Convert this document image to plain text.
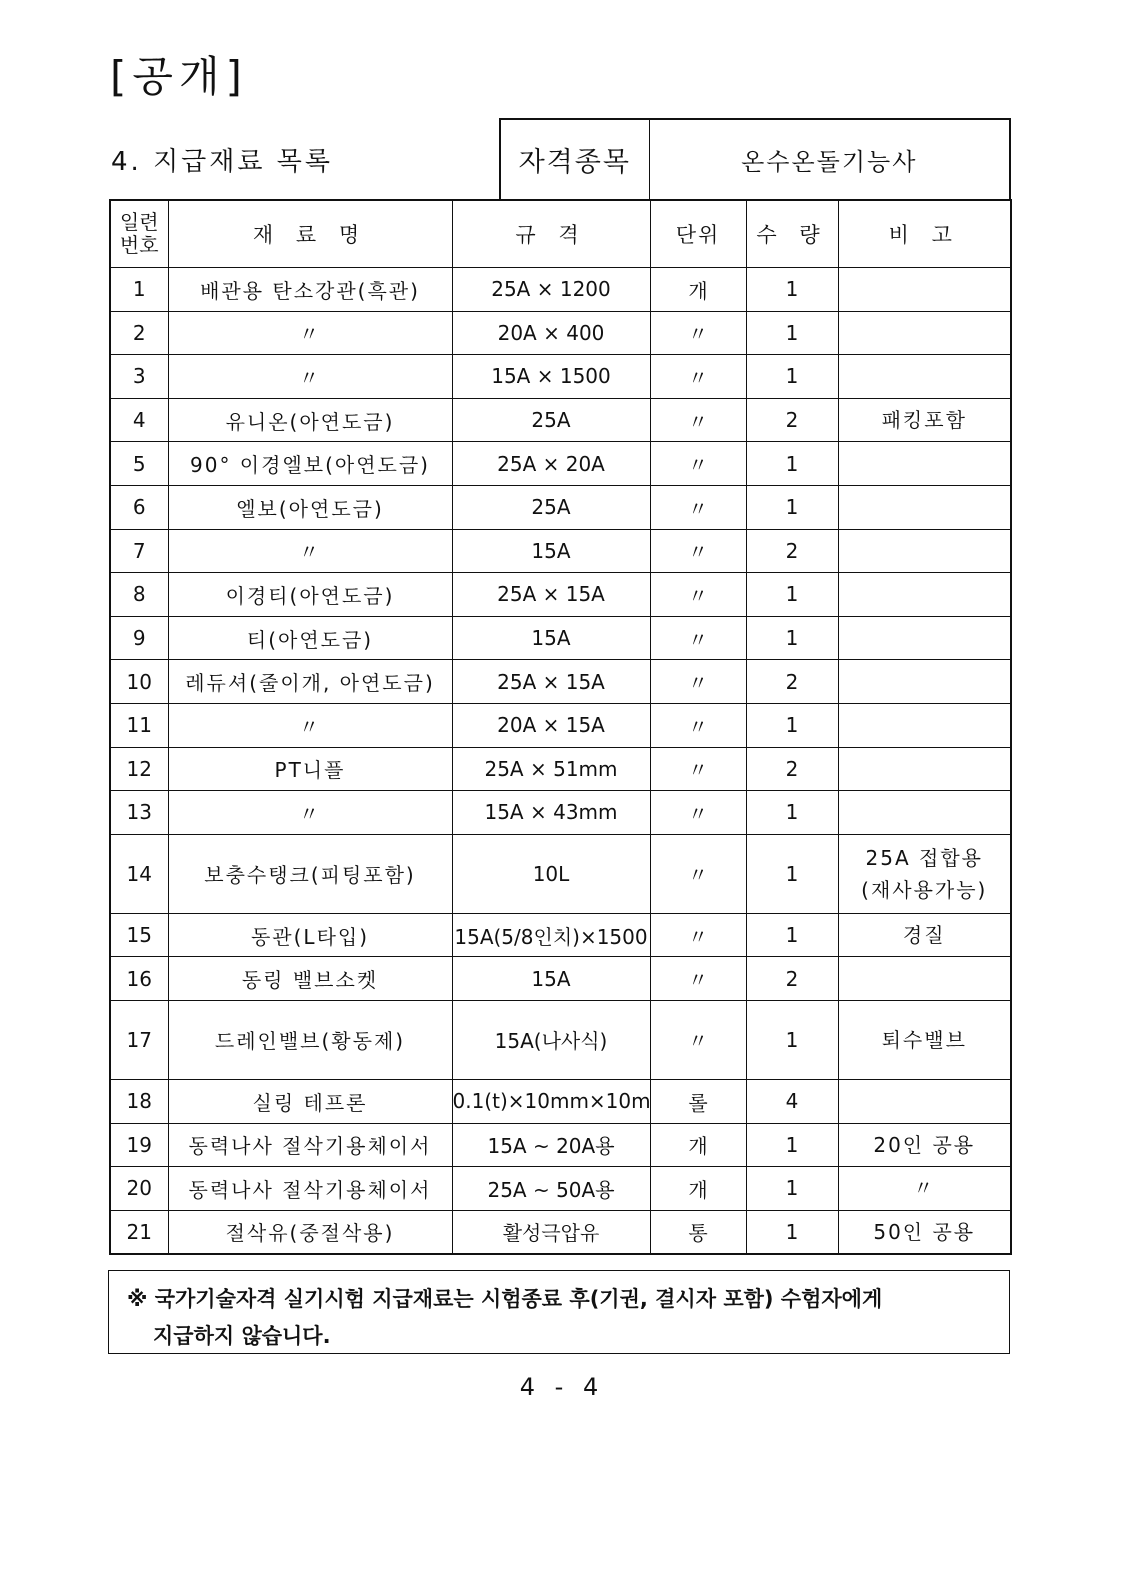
[공개]
4. 지급재료 목록	자격종목	온수온돌기능사
일련
번호	재 료 명	규 격	단위	수 량	비 고
1	배관용 탄소강관(흑관)	25A × 1200	개	1	

2	〃	20A × 400	〃	1	

3	〃	15A × 1500	〃	1	

4	유니온(아연도금)	25A	〃	2	패킹포함

5	90° 이경엘보(아연도금)	25A × 20A	〃	1	

6	엘보(아연도금)	25A	〃	1	

7	〃	15A	〃	2	

8	이경티(아연도금)	25A × 15A	〃	1	

9	티(아연도금)	15A	〃	1	

10	레듀셔(줄이개, 아연도금)	25A × 15A	〃	2	

11	〃	20A × 15A	〃	1	

12	PT니플	25A × 51mm	〃	2	

13	〃	15A × 43mm	〃	1	

14	보충수탱크(피팅포함)	10L	〃	1	25A 접합용
(재사용가능)

15	동관(L타입)	15A(5/8인치)×1500	〃	1	경질

16	동링 밸브소켓	15A	〃	2	

17	드레인밸브(황동제)	15A(나사식)	〃	1	퇴수밸브

18	실링 테프론	0.1(t)×10mm×10m	롤	4	

19	동력나사 절삭기용체이서	15A ~ 20A용	개	1	20인 공용

20	동력나사 절삭기용체이서	25A ~ 50A용	개	1	〃

21	절삭유(중절삭용)	활성극압유	통	1	50인 공용
※ 국가기술자격 실기시험 지급재료는 시험종료 후(기권, 결시자 포함) 수험자에게
지급하지 않습니다.
4 - 4
